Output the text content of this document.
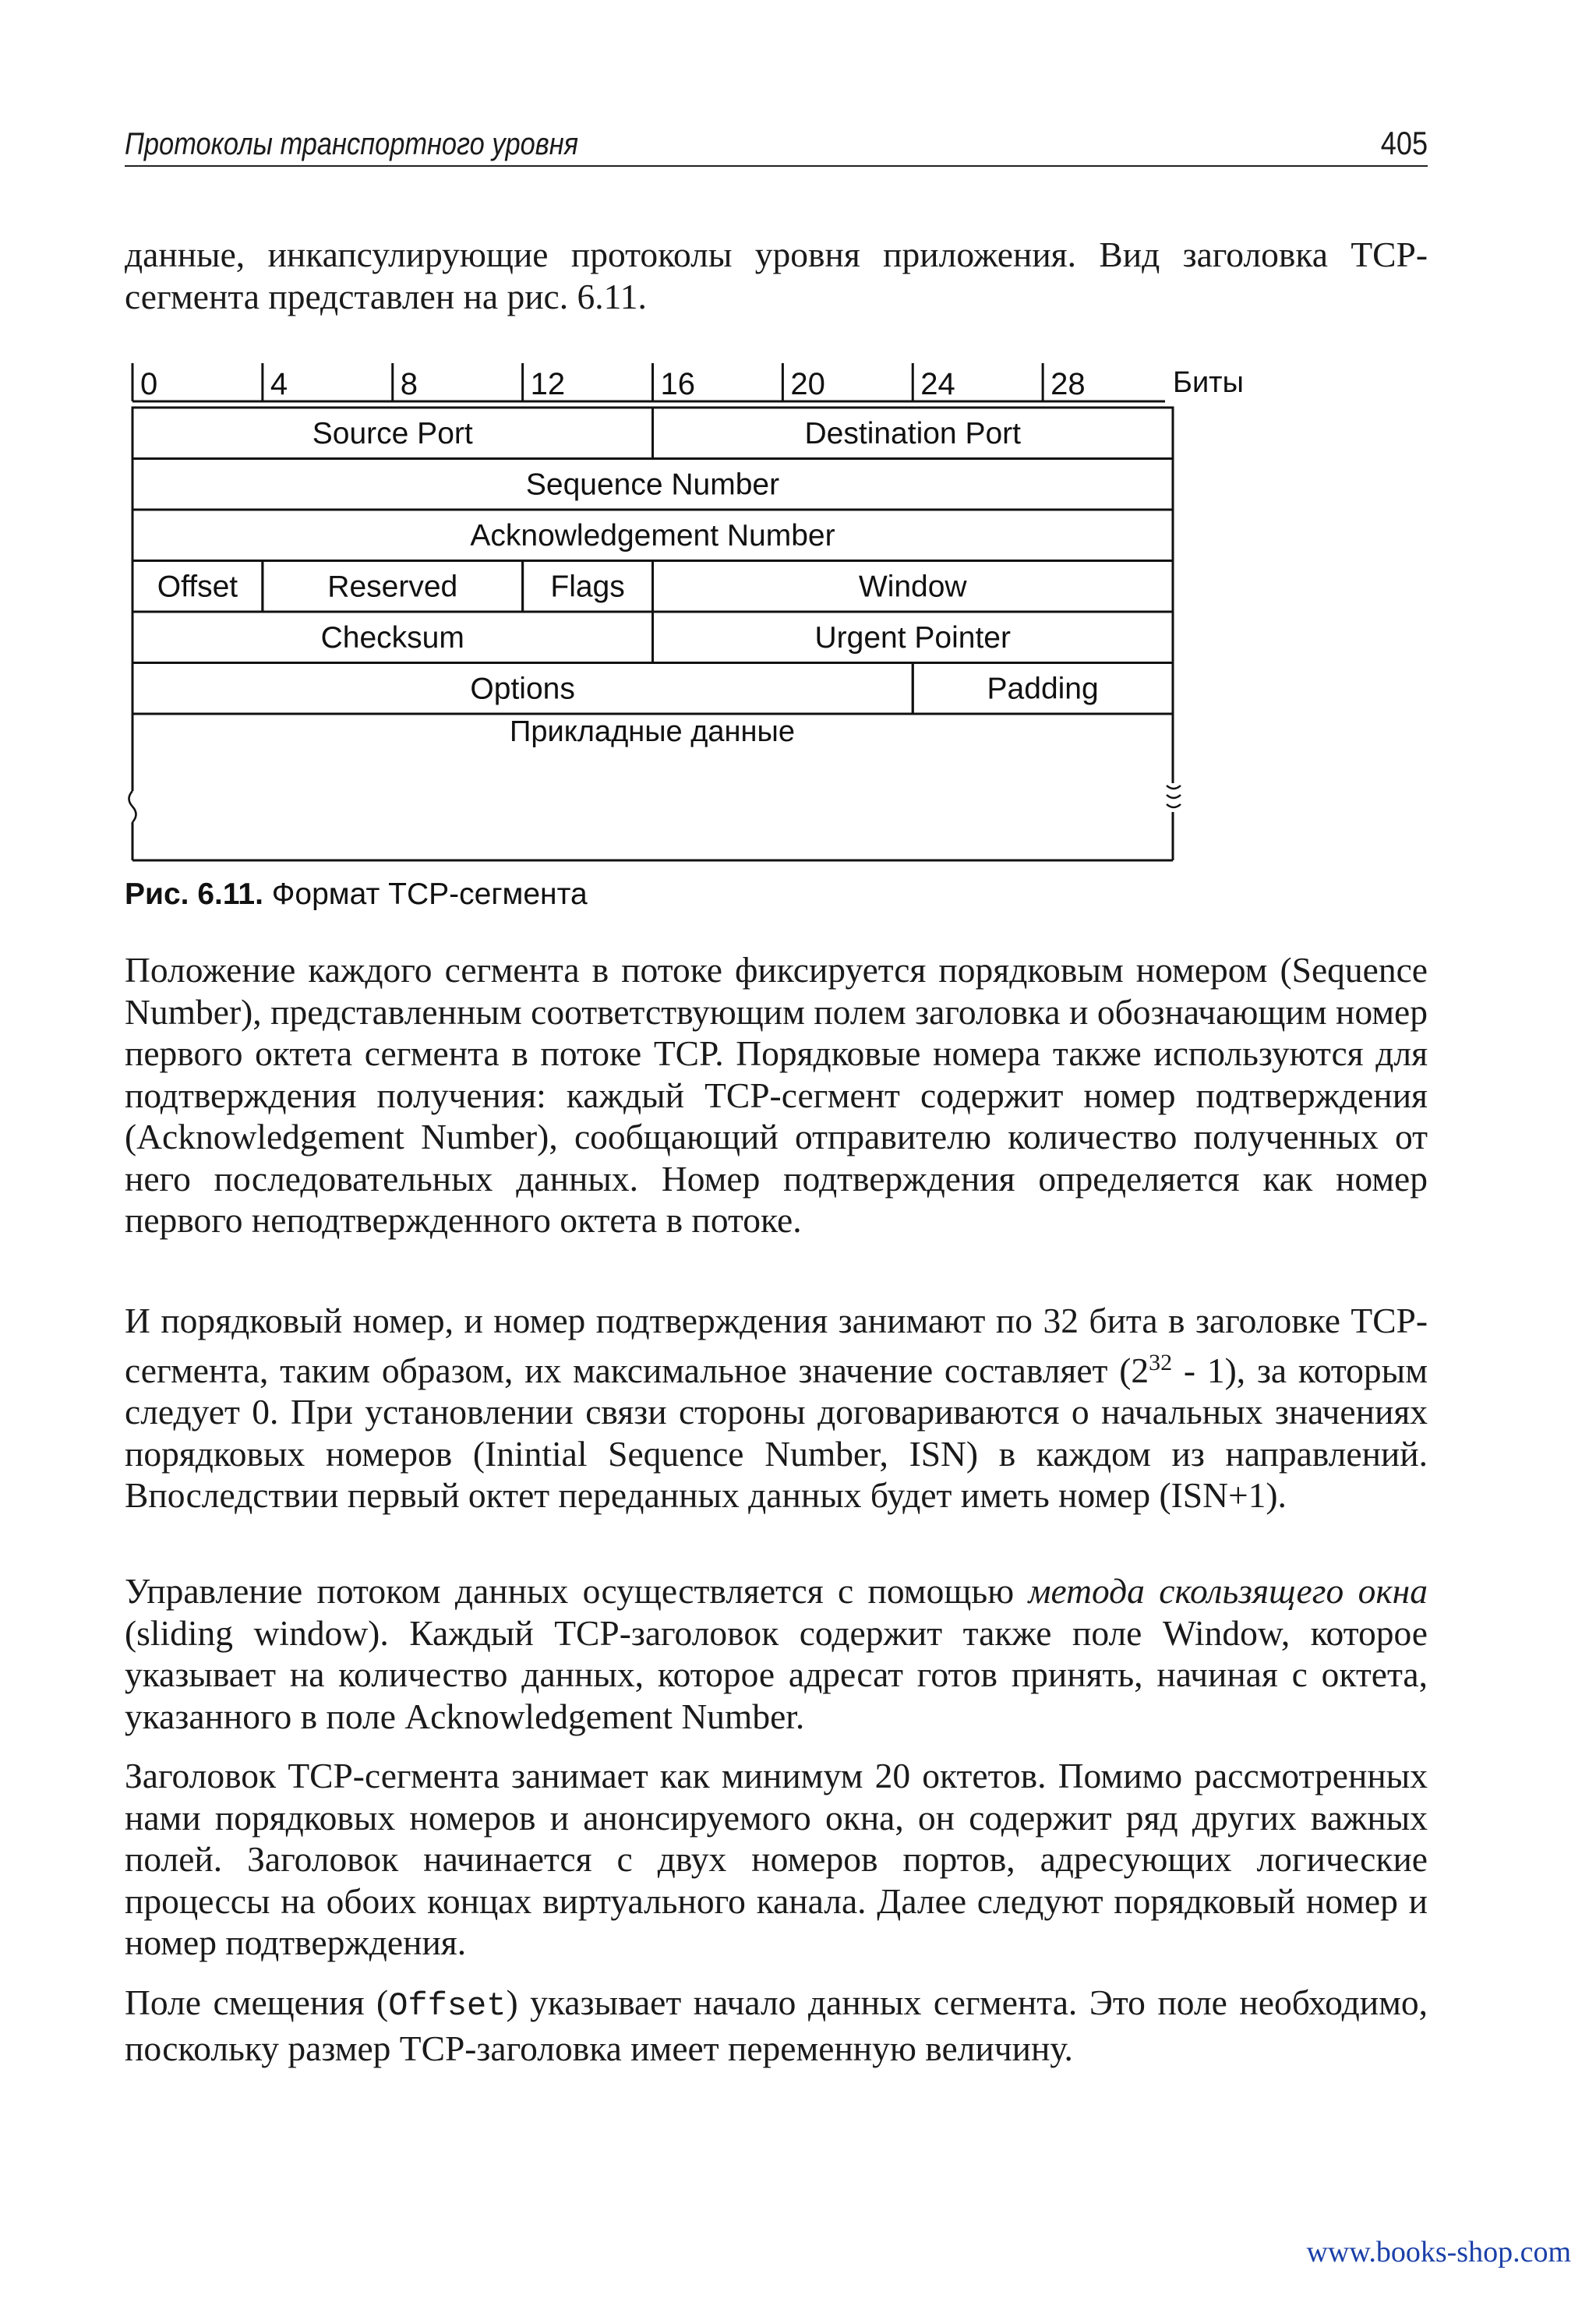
Протоколы транспортного уровня	405

данные, инкапсулирующие протоколы уровня приложения. Вид заголовка TCP-сегмента представлен на рис. 6.11.

0	4	8	12	16	20	24	28	Биты
Source Port	Destination Port
Sequence Number
Acknowledgement Number
Offset	Reserved	Flags	Window
Checksum	Urgent Pointer
Options	Padding
Прикладные данные
Рис. 6.11. Формат TCP-сегмента

Положение каждого сегмента в потоке фиксируется порядковым номером (Sequence Number), представленным соответствующим полем заголовка и обозначающим номер первого октета сегмента в потоке TCP. Порядковые номера также используются для подтверждения получения: каждый TCP-сегмент содержит номер подтверждения (Acknowledgement Number), сообщающий отправителю количество полученных от него последовательных данных. Номер подтверждения определяется как номер первого неподтвержденного октета в потоке.

И порядковый номер, и номер подтверждения занимают по 32 бита в заголовке TCP-сегмента, таким образом, их максимальное значение составляет $(2^{32} - 1)$, за которым следует 0. При установлении связи стороны договариваются о начальных значениях порядковых номеров (Inintial Sequence Number, ISN) в каждом из направлений. Впоследствии первый октет переданных данных будет иметь номер (ISN+1).

Управление потоком данных осуществляется с помощью метода скользящего окна (sliding window). Каждый TCP-заголовок содержит также поле Window, которое указывает на количество данных, которое адресат готов принять, начиная с октета, указанного в поле Acknowledgement Number.

Заголовок TCP-сегмента занимает как минимум 20 октетов. Помимо рассмотренных нами порядковых номеров и анонсируемого окна, он содержит ряд других важных полей. Заголовок начинается с двух номеров портов, адресующих логические процессы на обоих концах виртуального канала. Далее следуют порядковый номер и номер подтверждения.

Поле смещения (Offset) указывает начало данных сегмента. Это поле необходимо, поскольку размер TCP-заголовка имеет переменную величину.

www.books-shop.com
